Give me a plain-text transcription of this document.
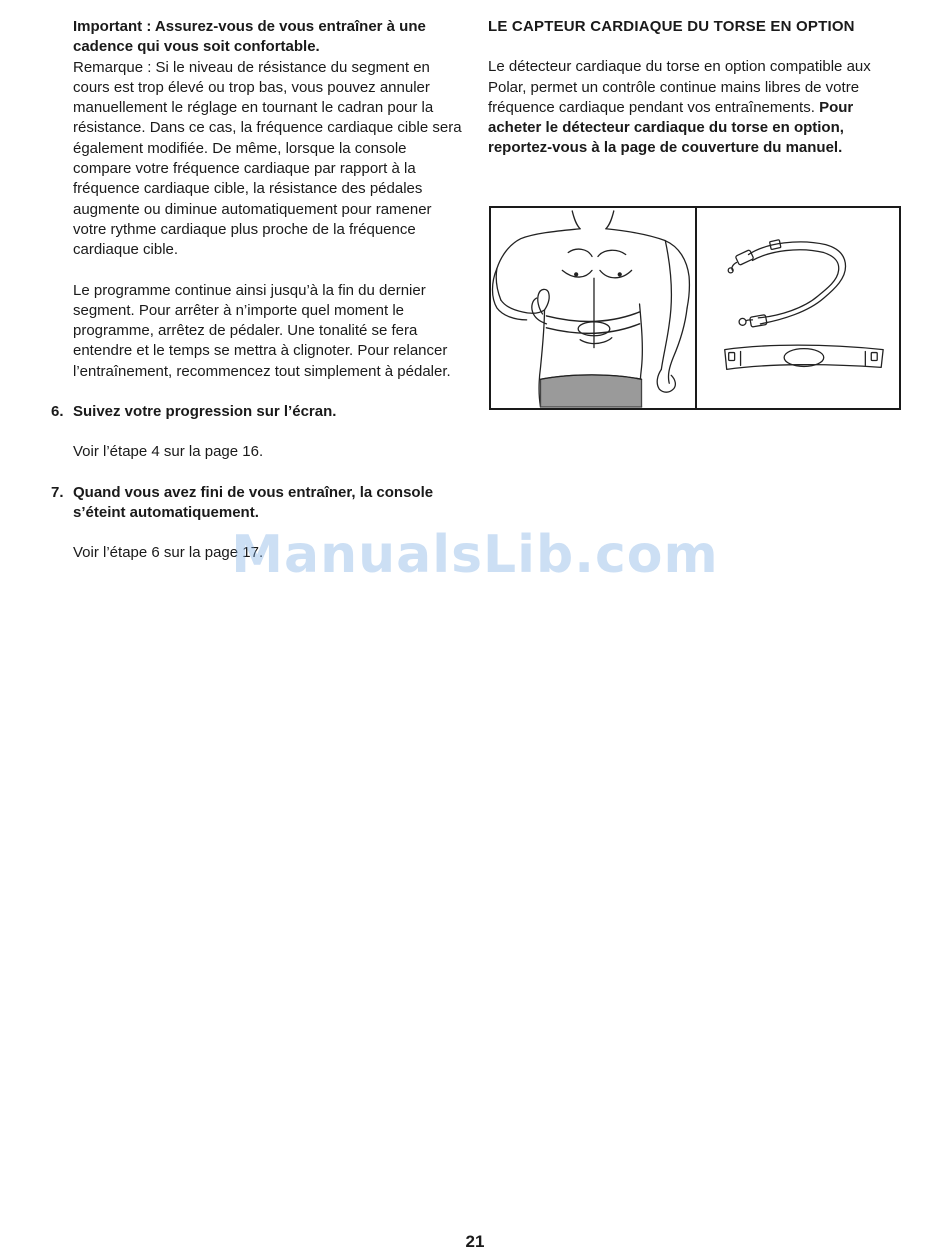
Important : Assurez-vous de vous entraîner à une cadence qui vous soit confortable.

Remarque : Si le niveau de résistance du segment en cours est trop élevé ou trop bas, vous pouvez annuler manuellement le réglage en tournant le cadran pour la résistance. Dans ce cas, la fréquence cardiaque cible sera également modifiée. De même, lorsque la console compare votre fréquence cardiaque par rapport à la fréquence cardiaque cible, la résistance des pédales augmente ou diminue automatiquement pour ramener votre rythme cardiaque plus proche de la fréquence cardiaque cible.

Le programme continue ainsi jusqu’à la fin du dernier segment. Pour arrêter à n’importe quel moment le programme, arrêtez de pédaler. Une tonalité se fera entendre et le temps se mettra à clignoter. Pour relancer l’entraînement, recommencez tout simplement à pédaler.

6. Suivez votre progression sur l’écran.

Voir l’étape 4 sur la page 16.

7. Quand vous avez fini de vous entraîner, la console s’éteint automatiquement.

Voir l’étape 6 sur la page 17.

LE CAPTEUR CARDIAQUE DU TORSE EN OPTION

Le détecteur cardiaque du torse en option compatible aux Polar, permet un contrôle continue mains libres de votre fréquence cardiaque pendant vos entraînements. Pour acheter le détecteur cardiaque du torse en option, reportez-vous à la page de couverture du manuel.

ManualsLib.com
21
